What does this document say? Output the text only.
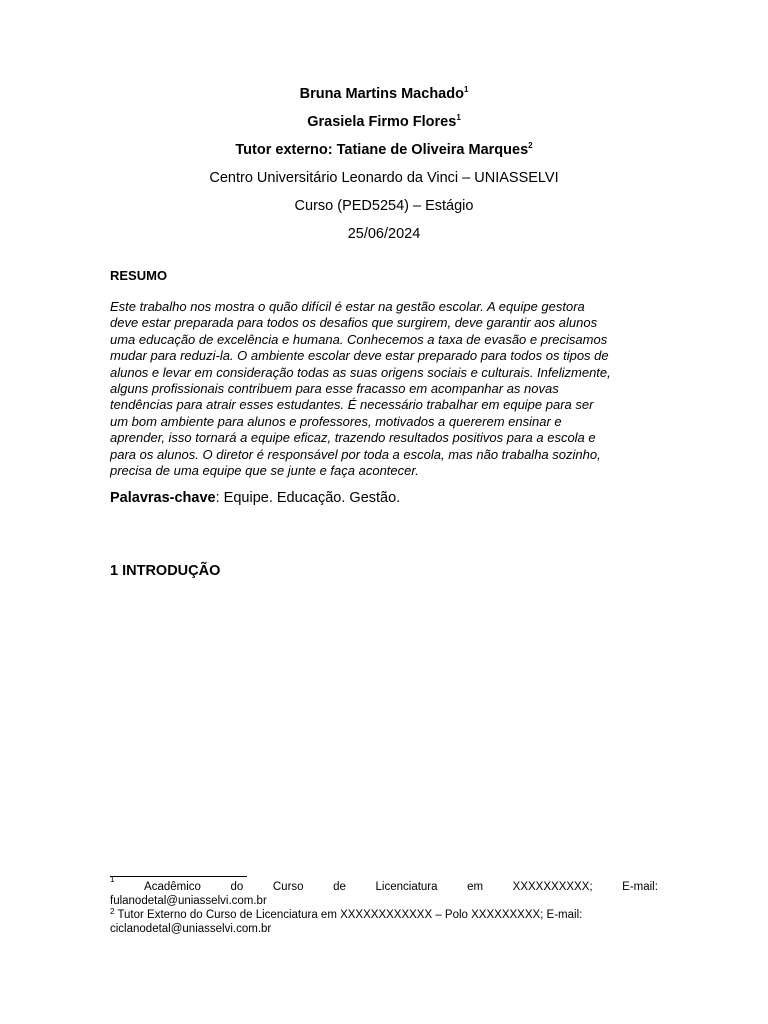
Bruna Martins Machado$^1$
Grasiela Firmo Flores$^1$
Tutor externo: Tatiane de Oliveira Marques$^2$
Centro Universitário Leonardo da Vinci – UNIASSELVI
Curso (PED5254) – Estágio
25/06/2024
RESUMO
Este trabalho nos mostra o quão difícil é estar na gestão escolar. A equipe gestora
deve estar preparada para todos os desafios que surgirem, deve garantir aos alunos
uma educação de excelência e humana. Conhecemos a taxa de evasão e precisamos
mudar para reduzi-la. O ambiente escolar deve estar preparado para todos os tipos de
alunos e levar em consideração todas as suas origens sociais e culturais. Infelizmente,
alguns profissionais contribuem para esse fracasso em acompanhar as novas
tendências para atrair esses estudantes. É necessário trabalhar em equipe para ser
um bom ambiente para alunos e professores, motivados a quererem ensinar e
aprender, isso tornará a equipe eficaz, trazendo resultados positivos para a escola e
para os alunos. O diretor é responsável por toda a escola, mas não trabalha sozinho,
precisa de uma equipe que se junte e faça acontecer.
Palavras-chave: Equipe. Educação. Gestão.
1 INTRODUÇÃO
1
Acadêmico	do	Curso	de	Licenciatura	em	XXXXXXXXXX;	E-mail:
fulanodetal@uniasselvi.com.br
$^2$ Tutor Externo do Curso de Licenciatura em XXXXXXXXXXXX – Polo XXXXXXXXX; E-mail:
ciclanodetal@uniasselvi.com.br
